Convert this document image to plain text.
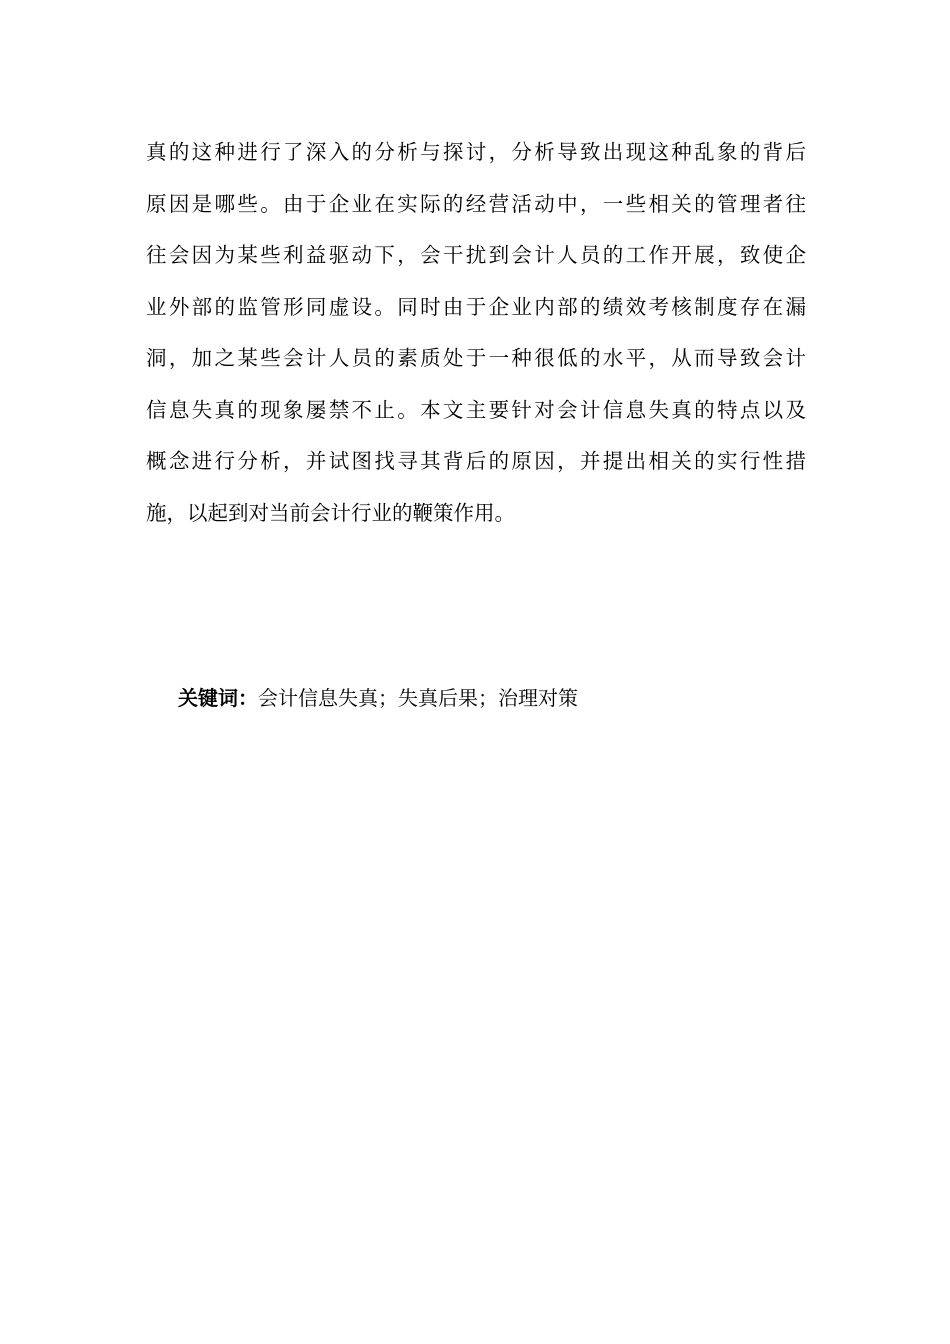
真的这种进行了深入的分析与探讨，分析导致出现这种乱象的背后
原因是哪些。由于企业在实际的经营活动中，一些相关的管理者往
往会因为某些利益驱动下，会干扰到会计人员的工作开展，致使企
业外部的监管形同虚设。同时由于企业内部的绩效考核制度存在漏
洞，加之某些会计人员的素质处于一种很低的水平，从而导致会计
信息失真的现象屡禁不止。本文主要针对会计信息失真的特点以及
概念进行分析，并试图找寻其背后的原因，并提出相关的实行性措
施，以起到对当前会计行业的鞭策作用。

关键词：会计信息失真；失真后果；治理对策
